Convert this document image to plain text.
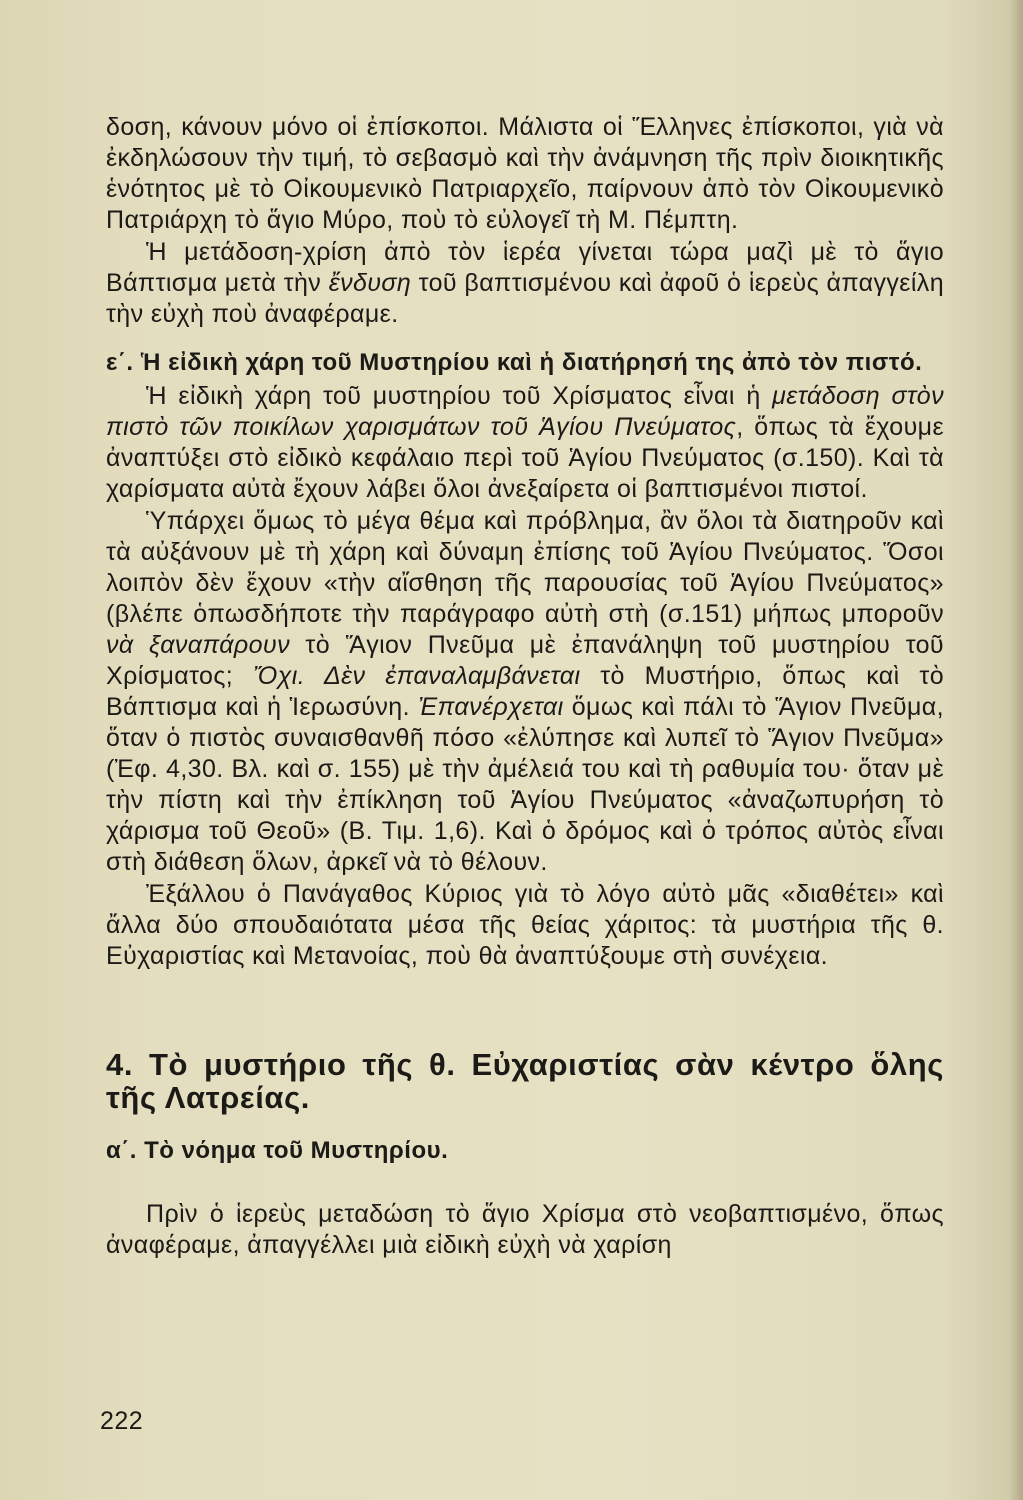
δοση, κάνουν μόνο οἱ ἐπίσκοποι. Μάλιστα οἱ Ἕλληνες ἐπίσκοποι, γιὰ νὰ ἐκδηλώσουν τὴν τιμή, τὸ σεβασμὸ καὶ τὴν ἀνάμνηση τῆς πρὶν διοικητικῆς ἑνότητος μὲ τὸ Οἰκουμενικὸ Πατριαρχεῖο, παίρνουν ἀπὸ τὸν Οἰκουμενικὸ Πατριάρχη τὸ ἅγιο Μύρο, ποὺ τὸ εὐλογεῖ τὴ Μ. Πέμπτη.

Ἡ μετάδοση-χρίση ἀπὸ τὸν ἱερέα γίνεται τώρα μαζὶ μὲ τὸ ἅγιο Βάπτισμα μετὰ τὴν ἔνδυση τοῦ βαπτισμένου καὶ ἀφοῦ ὁ ἱερεὺς ἀπαγγείλη τὴν εὐχὴ ποὺ ἀναφέραμε.

ε΄. Ἡ εἰδικὴ χάρη τοῦ Μυστηρίου καὶ ἡ διατήρησή της ἀπὸ τὸν πιστό.

Ἡ εἰδικὴ χάρη τοῦ μυστηρίου τοῦ Χρίσματος εἶναι ἡ μετάδοση στὸν πιστὸ τῶν ποικίλων χαρισμάτων τοῦ Ἁγίου Πνεύματος, ὅπως τὰ ἔχουμε ἀναπτύξει στὸ εἰδικὸ κεφάλαιο περὶ τοῦ Ἁγίου Πνεύματος (σ.150). Καὶ τὰ χαρίσματα αὐτὰ ἔχουν λάβει ὅλοι ἀνεξαίρετα οἱ βαπτισμένοι πιστοί.

Ὑπάρχει ὅμως τὸ μέγα θέμα καὶ πρόβλημα, ἂν ὅλοι τὰ διατηροῦν καὶ τὰ αὐξάνουν μὲ τὴ χάρη καὶ δύναμη ἐπίσης τοῦ Ἁγίου Πνεύματος. Ὅσοι λοιπὸν δὲν ἔχουν «τὴν αἴσθηση τῆς παρουσίας τοῦ Ἁγίου Πνεύματος» (βλέπε ὁπωσδήποτε τὴν παράγραφο αὐτὴ στὴ (σ.151) μήπως μποροῦν νὰ ξαναπάρουν τὸ Ἅγιον Πνεῦμα μὲ ἐπανάληψη τοῦ μυστηρίου τοῦ Χρίσματος; Ὄχι. Δὲν ἐπαναλαμβάνεται τὸ Μυστήριο, ὅπως καὶ τὸ Βάπτισμα καὶ ἡ Ἱερωσύνη. Ἐπανέρχεται ὅμως καὶ πάλι τὸ Ἅγιον Πνεῦμα, ὅταν ὁ πιστὸς συναισθανθῆ πόσο «ἐλύπησε καὶ λυπεῖ τὸ Ἅγιον Πνεῦμα» (Ἐφ. 4,30. Βλ. καὶ σ. 155) μὲ τὴν ἀμέλειά του καὶ τὴ ραθυμία του· ὅταν μὲ τὴν πίστη καὶ τὴν ἐπίκληση τοῦ Ἁγίου Πνεύματος «ἀναζωπυρήση τὸ χάρισμα τοῦ Θεοῦ» (Β. Τιμ. 1,6). Καὶ ὁ δρόμος καὶ ὁ τρόπος αὐτὸς εἶναι στὴ διάθεση ὅλων, ἀρκεῖ νὰ τὸ θέλουν.

Ἐξάλλου ὁ Πανάγαθος Κύριος γιὰ τὸ λόγο αὐτὸ μᾶς «διαθέτει» καὶ ἄλλα δύο σπουδαιότατα μέσα τῆς θείας χάριτος: τὰ μυστήρια τῆς θ. Εὐχαριστίας καὶ Μετανοίας, ποὺ θὰ ἀναπτύξουμε στὴ συνέχεια.

4. Τὸ μυστήριο τῆς θ. Εὐχαριστίας σὰν κέντρο ὅλης τῆς Λατρείας.
α΄. Τὸ νόημα τοῦ Μυστηρίου.

Πρὶν ὁ ἱερεὺς μεταδώση τὸ ἅγιο Χρίσμα στὸ νεοβαπτισμένο, ὅπως ἀναφέραμε, ἀπαγγέλλει μιὰ εἰδικὴ εὐχὴ νὰ χαρίση

222
